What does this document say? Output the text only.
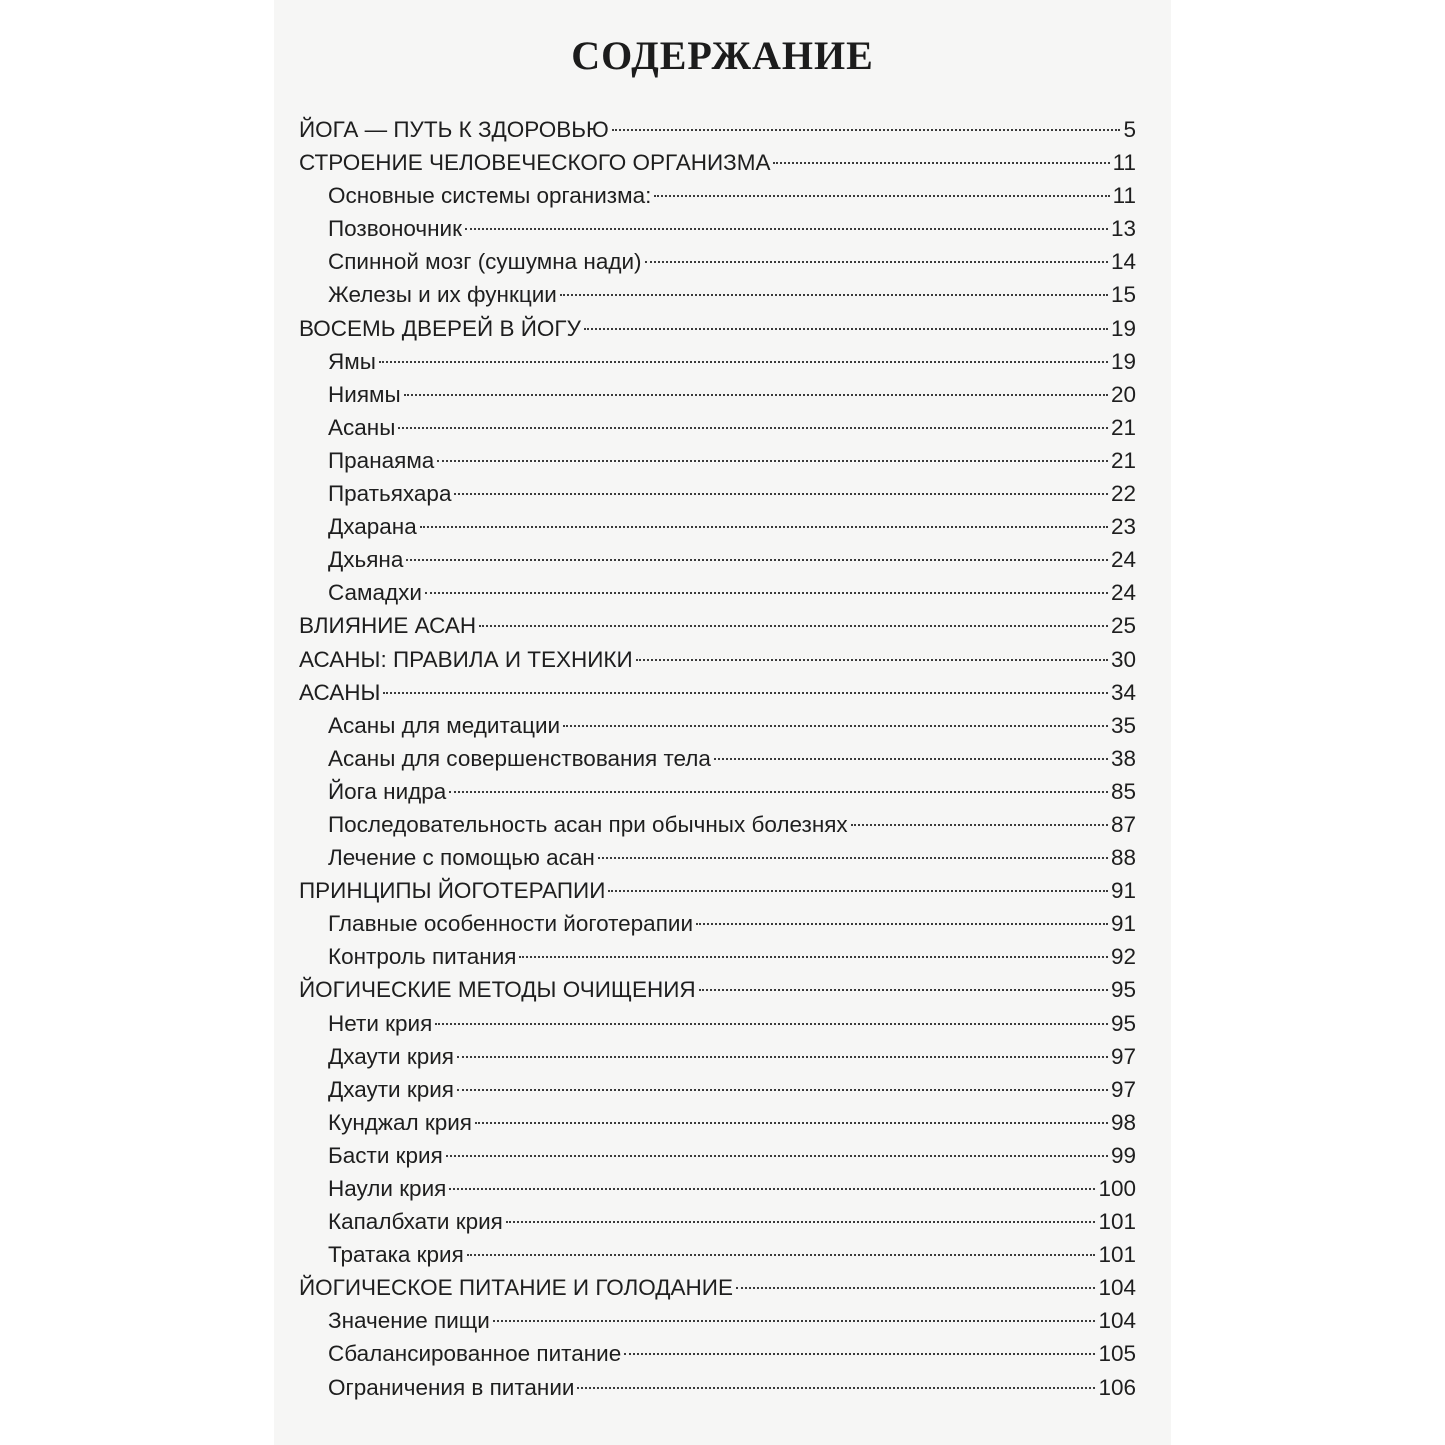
СОДЕРЖАНИЕ
ЙОГА — ПУТЬ К ЗДОРОВЬЮ	5
СТРОЕНИЕ ЧЕЛОВЕЧЕСКОГО ОРГАНИЗМА	11
Основные системы организма:	11
Позвоночник	13
Спинной мозг (сушумна нади)	14
Железы и их функции	15
ВОСЕМЬ ДВЕРЕЙ В ЙОГУ	19
Ямы	19
Ниямы	20
Асаны	21
Пранаяма	21
Пратьяхара	22
Дхарана	23
Дхьяна	24
Самадхи	24
ВЛИЯНИЕ АСАН	25
АСАНЫ: ПРАВИЛА И ТЕХНИКИ	30
АСАНЫ	34
Асаны для медитации	35
Асаны для совершенствования тела	38
Йога нидра	85
Последовательность асан при обычных болезнях	87
Лечение с помощью асан	88
ПРИНЦИПЫ ЙОГОТЕРАПИИ	91
Главные особенности йоготерапии	91
Контроль питания	92
ЙОГИЧЕСКИЕ МЕТОДЫ ОЧИЩЕНИЯ	95
Нети крия	95
Дхаути крия	97
Дхаути крия	97
Кунджал крия	98
Басти крия	99
Наули крия	100
Капалбхати крия	101
Тратака крия	101
ЙОГИЧЕСКОЕ ПИТАНИЕ И ГОЛОДАНИЕ	104
Значение пищи	104
Сбалансированное питание	105
Ограничения в питании	106
